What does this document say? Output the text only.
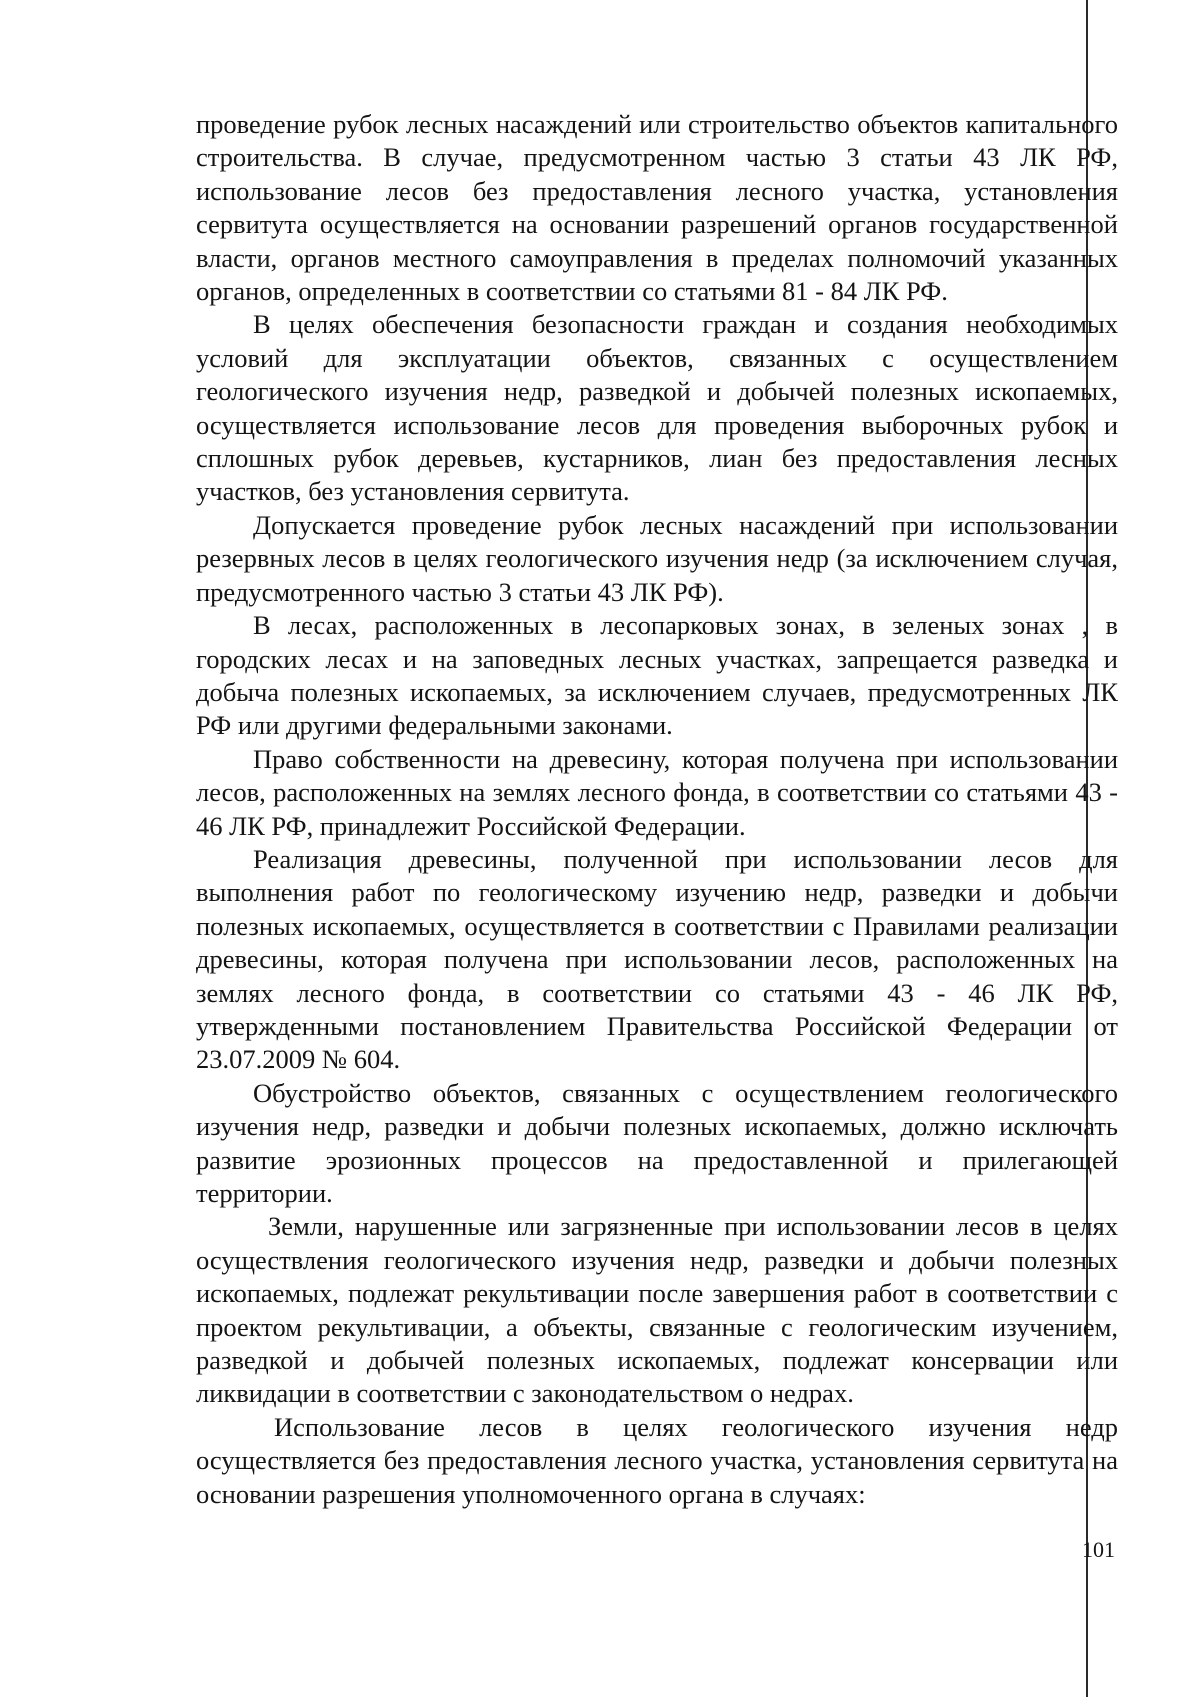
проведение рубок лесных насаждений или строительство объектов капитального строительства. В случае, предусмотренном частью 3 статьи 43 ЛК РФ, использование лесов без предоставления лесного участка, установления сервитута осуществляется на основании разрешений органов государственной власти, органов местного самоуправления в пределах полномочий указанных органов, определенных в соответствии со статьями 81 - 84 ЛК РФ.

В целях обеспечения безопасности граждан и создания необходимых условий для эксплуатации объектов, связанных с осуществлением геологического изучения недр, разведкой и добычей полезных ископаемых, осуществляется использование лесов для проведения выборочных рубок и сплошных рубок деревьев, кустарников, лиан без предоставления лесных участков, без установления сервитута.

Допускается проведение рубок лесных насаждений при использовании резервных лесов в целях геологического изучения недр (за исключением случая, предусмотренного частью 3 статьи 43 ЛК РФ).

В лесах, расположенных в лесопарковых зонах, в зеленых зонах , в городских лесах и на заповедных лесных участках, запрещается разведка и добыча полезных ископаемых, за исключением случаев, предусмотренных ЛК РФ или другими федеральными законами.

Право собственности на древесину, которая получена при использовании лесов, расположенных на землях лесного фонда, в соответствии со статьями 43 - 46 ЛК РФ, принадлежит Российской Федерации.

Реализация древесины, полученной при использовании лесов для выполнения работ по геологическому изучению недр, разведки и добычи полезных ископаемых, осуществляется в соответствии с Правилами реализации древесины, которая получена при использовании лесов, расположенных на землях лесного фонда, в соответствии со статьями 43 - 46 ЛК РФ, утвержденными постановлением Правительства Российской Федерации от 23.07.2009 № 604.

Обустройство объектов, связанных с осуществлением геологического изучения недр, разведки и добычи полезных ископаемых, должно исключать развитие эрозионных процессов на предоставленной и прилегающей территории.

Земли, нарушенные или загрязненные при использовании лесов в целях осуществления геологического изучения недр, разведки и добычи полезных ископаемых, подлежат рекультивации после завершения работ в соответствии с проектом рекультивации, а объекты, связанные с геологическим изучением, разведкой и добычей полезных ископаемых, подлежат консервации или ликвидации в соответствии с законодательством о недрах.

Использование лесов в целях геологического изучения недр осуществляется без предоставления лесного участка, установления сервитута на основании разрешения уполномоченного органа в случаях:

101
